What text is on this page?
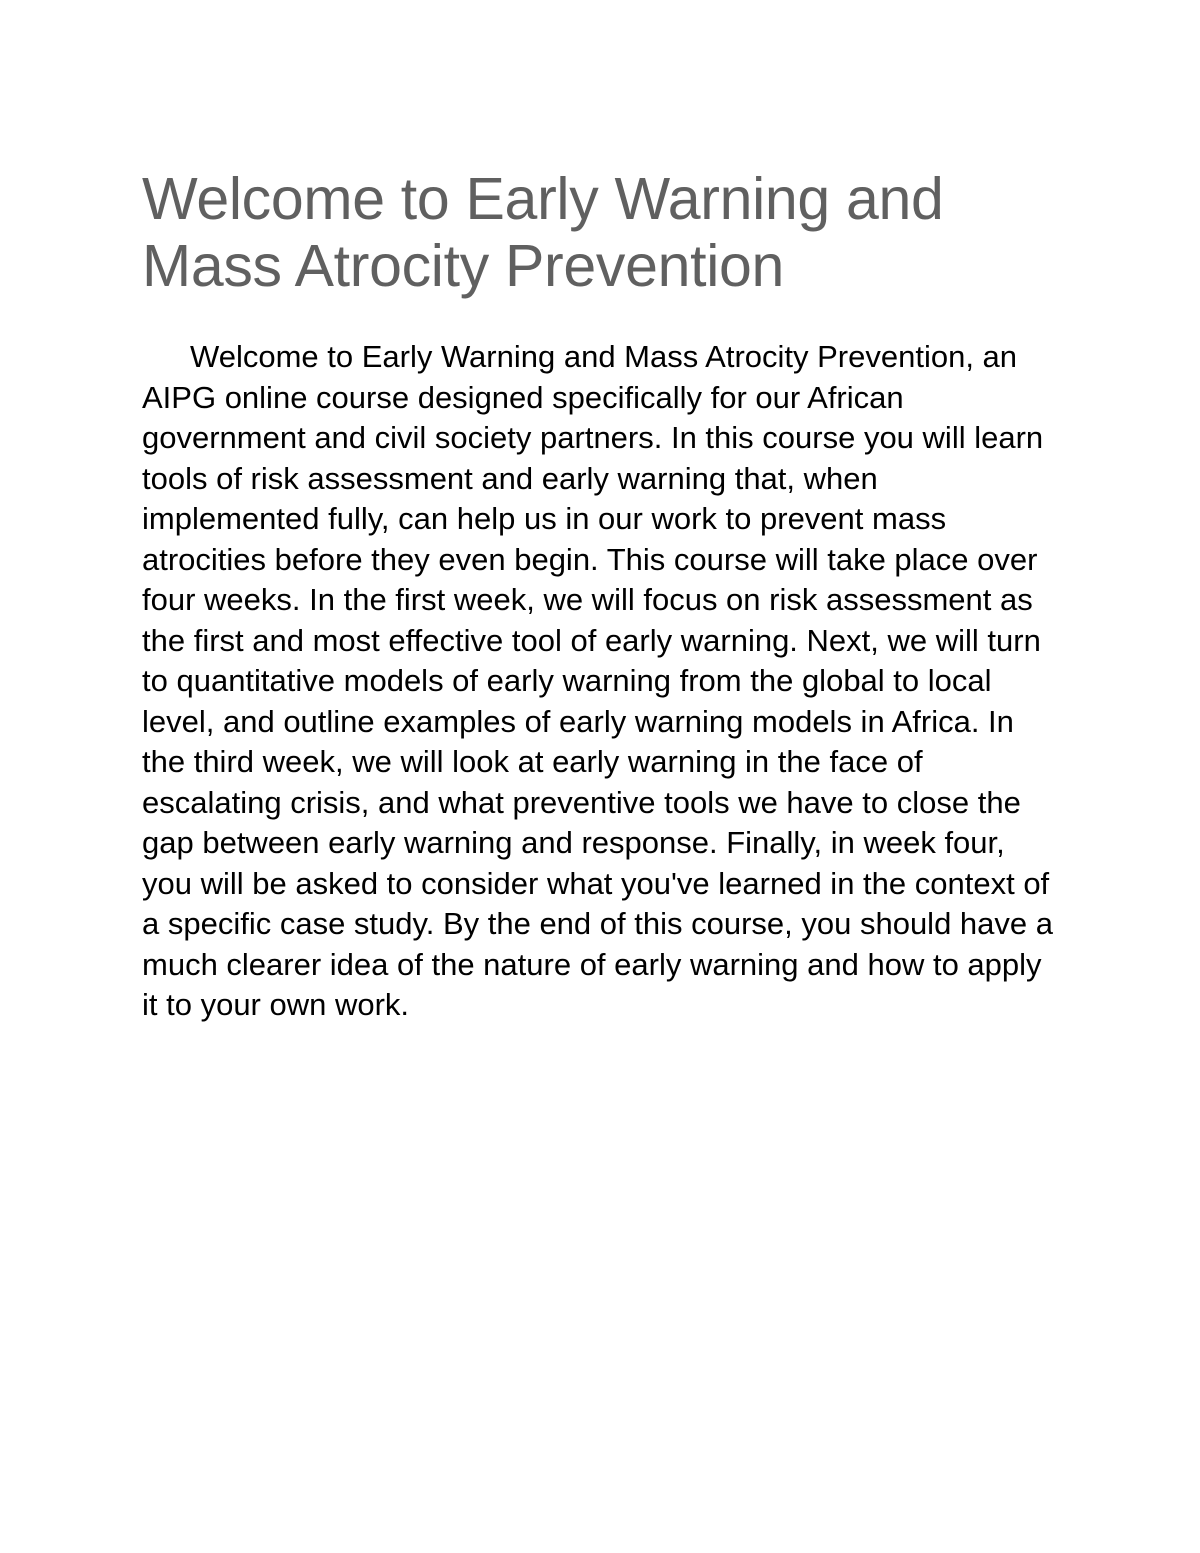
Welcome to Early Warning and Mass Atrocity Prevention

Welcome to Early Warning and Mass Atrocity Prevention, an AIPG online course designed specifically for our African government and civil society partners. In this course you will learn tools of risk assessment and early warning that, when implemented fully, can help us in our work to prevent mass atrocities before they even begin. This course will take place over four weeks. In the first week, we will focus on risk assessment as the first and most effective tool of early warning. Next, we will turn to quantitative models of early warning from the global to local level, and outline examples of early warning models in Africa. In the third week, we will look at early warning in the face of escalating crisis, and what preventive tools we have to close the gap between early warning and response. Finally, in week four, you will be asked to consider what you've learned in the context of a specific case study. By the end of this course, you should have a much clearer idea of the nature of early warning and how to apply it to your own work.
